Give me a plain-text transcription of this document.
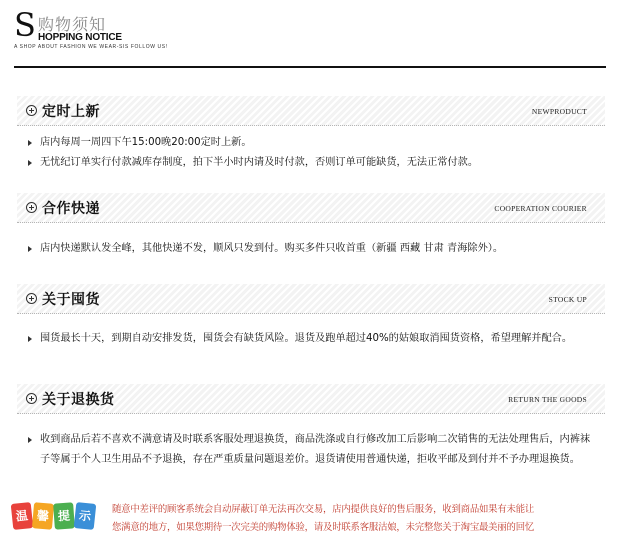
S 购物须知
HOPPING NOTICE
A SHOP ABOUT FASHION WE WEAR-SIS FOLLOW US!
定时上新	NEWPRODUCT
店内每周一周四下午15:00晚20:00定时上新。
无忧纪订单实行付款减库存制度，拍下半小时内请及时付款，否则订单可能缺货，无法正常付款。
合作快递	COOPERATION COURIER
店内快递默认发全峰，其他快递不发，顺风只发到付。购买多件只收首重（新疆 西藏 甘肃 青海除外）。
关于囤货	STOCK UP
囤货最长十天，到期自动安排发货，囤货会有缺货风险。退货及跑单超过40%的姑娘取消囤货资格，希望理解并配合。
关于退换货	RETURN THE GOODS
收到商品后若不喜欢不满意请及时联系客服处理退换货，商品洗涤或自行修改加工后影响二次销售的无法处理售后，内裤袜子等属于个人卫生用品不予退换，存在严重质量问题退差价。退货请使用普通快递，拒收平邮及到付并不予办理退换货。
温 馨 提 示	随意中差评的顾客系统会自动屏蔽订单无法再次交易，店内提供良好的售后服务，收到商品如果有未能让
您满意的地方，如果您期待一次完美的购物体验，请及时联系客服沽娘，未完整您关于淘宝最美丽的回忆
